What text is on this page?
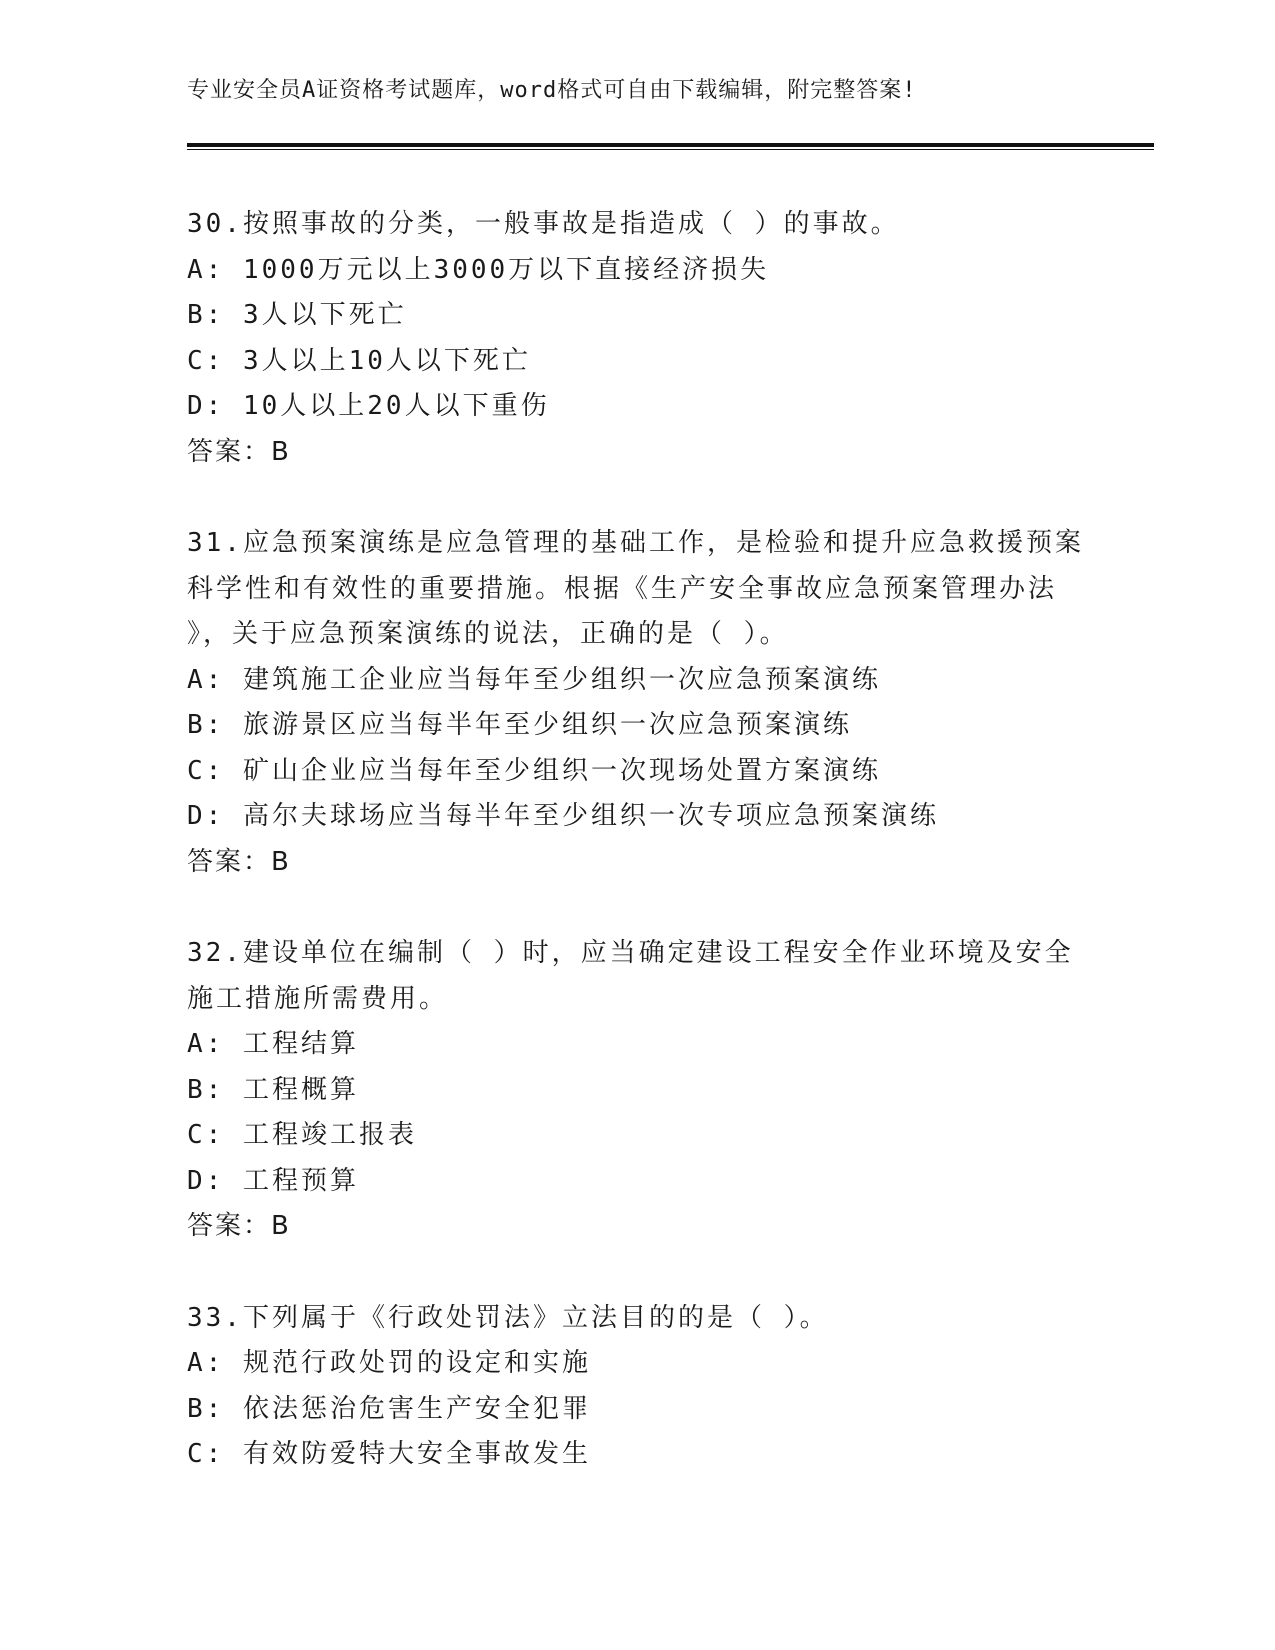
专业安全员A证资格考试题库，word格式可自由下载编辑，附完整答案!
30.按照事故的分类，一般事故是指造成（ ）的事故。
A: 1000万元以上3000万以下直接经济损失
B: 3人以下死亡
C: 3人以上10人以下死亡
D: 10人以上20人以下重伤
答案：B
31.应急预案演练是应急管理的基础工作，是检验和提升应急救援预案
科学性和有效性的重要措施。根据《生产安全事故应急预案管理办法
》，关于应急预案演练的说法，正确的是（ ）。
A: 建筑施工企业应当每年至少组织一次应急预案演练
B: 旅游景区应当每半年至少组织一次应急预案演练
C: 矿山企业应当每年至少组织一次现场处置方案演练
D: 高尔夫球场应当每半年至少组织一次专项应急预案演练
答案：B
32.建设单位在编制（ ）时，应当确定建设工程安全作业环境及安全
施工措施所需费用。
A: 工程结算
B: 工程概算
C: 工程竣工报表
D: 工程预算
答案：B
33.下列属于《行政处罚法》立法目的的是（ ）。
A: 规范行政处罚的设定和实施
B: 依法惩治危害生产安全犯罪
C: 有效防爱特大安全事故发生
